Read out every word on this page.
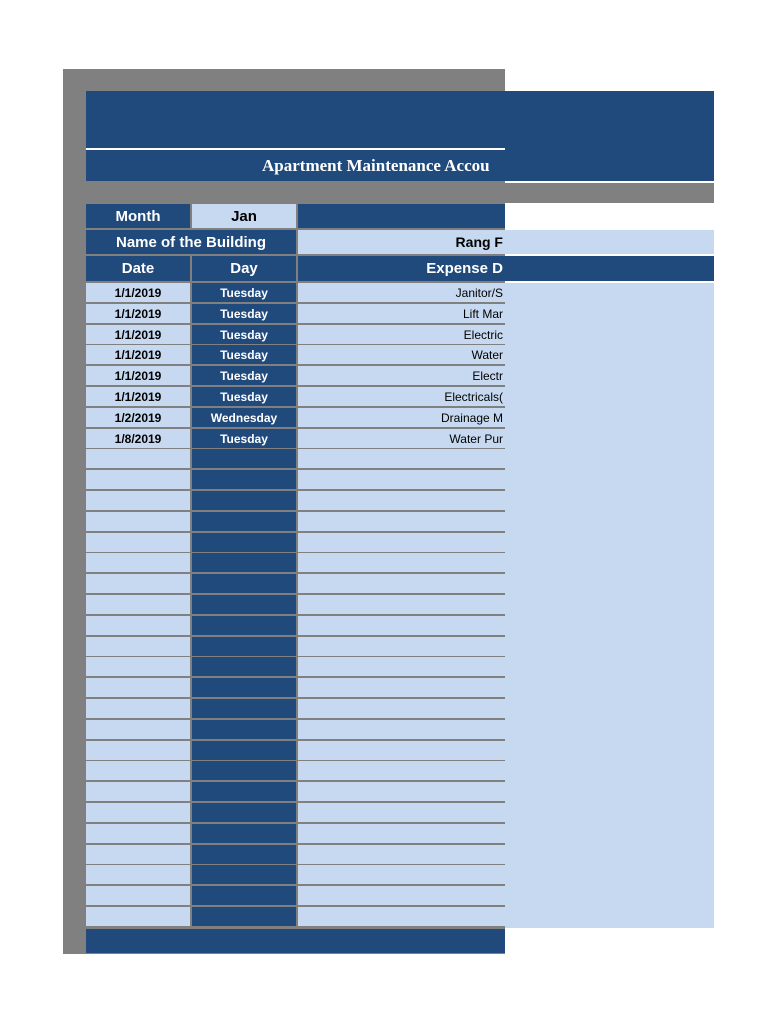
Apartment Maintenance Accou
Month	Jan
Name of the Building	Rang F
Date	Day	Expense D
1/1/2019	Tuesday	Janitor/S
1/1/2019	Tuesday	Lift Mar
1/1/2019	Tuesday	Electric
1/1/2019	Tuesday	Water
1/1/2019	Tuesday	Electr
1/1/2019	Tuesday	Electricals(
1/2/2019	Wednesday	Drainage M
1/8/2019	Tuesday	Water Pur
